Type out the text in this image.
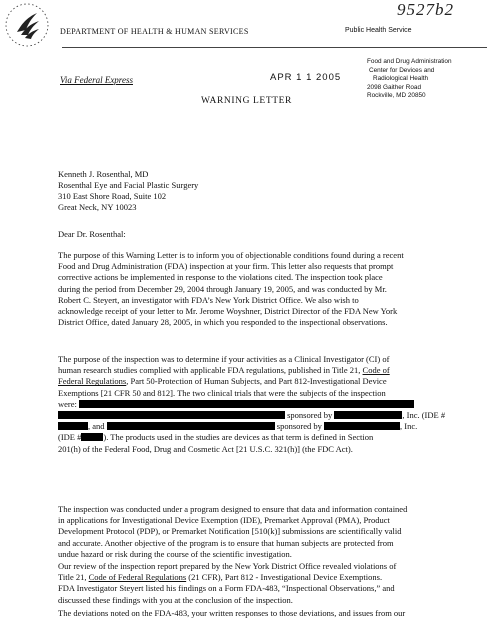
DEPARTMENT OF HEALTH & HUMAN SERVICES	Public Health Service
9527b2
Food and Drug Administration
Center for Devices and
Radiological Health
2098 Gaither Road
Rockville, MD 20850
Via Federal Express	APR 1 1 2005
WARNING LETTER
Kenneth J. Rosenthal, MD
Rosenthal Eye and Facial Plastic Surgery
310 East Shore Road, Suite 102
Great Neck, NY 10023
Dear Dr. Rosenthal:
The purpose of this Warning Letter is to inform you of objectionable conditions found during a recent
Food and Drug Administration (FDA) inspection at your firm. This letter also requests that prompt
corrective actions be implemented in response to the violations cited. The inspection took place
during the period from December 29, 2004 through January 19, 2005, and was conducted by Mr.
Robert C. Steyert, an investigator with FDA’s New York District Office. We also wish to
acknowledge receipt of your letter to Mr. Jerome Woyshner, District Director of the FDA New York
District Office, dated January 28, 2005, in which you responded to the inspectional observations.
The purpose of the inspection was to determine if your activities as a Clinical Investigator (CI) of
human research studies complied with applicable FDA regulations, published in Title 21, Code of
Federal Regulations, Part 50-Protection of Human Subjects, and Part 812-Investigational Device
Exemptions [21 CFR 50 and 812]. The two clinical trials that were the subjects of the inspection
were:
sponsored by	, Inc. (IDE #
, and	sponsored by	, Inc.
(IDE #	). The products used in the studies are devices as that term is defined in Section
201(h) of the Federal Food, Drug and Cosmetic Act [21 U.S.C. 321(h)] (the FDC Act).
The inspection was conducted under a program designed to ensure that data and information contained
in applications for Investigational Device Exemption (IDE), Premarket Approval (PMA), Product
Development Protocol (PDP), or Premarket Notification [510(k)] submissions are scientifically valid
and accurate. Another objective of the program is to ensure that human subjects are protected from
undue hazard or risk during the course of the scientific investigation.
Our review of the inspection report prepared by the New York District Office revealed violations of
Title 21, Code of Federal Regulations (21 CFR), Part 812 - Investigational Device Exemptions.
FDA Investigator Steyert listed his findings on a Form FDA-483, “Inspectional Observations,” and
discussed these findings with you at the conclusion of the inspection.
The deviations noted on the FDA-483, your written responses to those deviations, and issues from our
